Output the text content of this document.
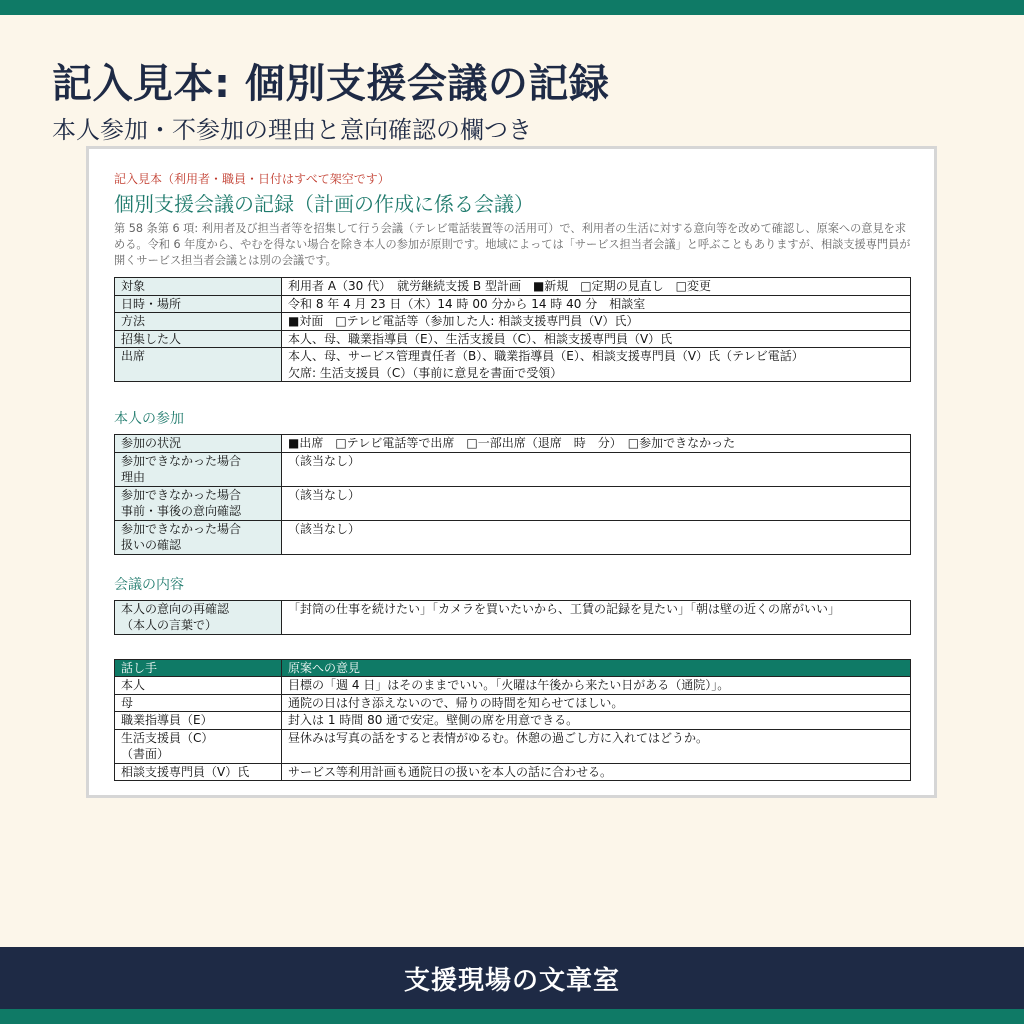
記入見本: 個別支援会議の記録

本人参加・不参加の理由と意向確認の欄つき

記入見本（利用者・職員・日付はすべて架空です）
個別支援会議の記録（計画の作成に係る会議）
第 58 条第 6 項: 利用者及び担当者等を招集して行う会議（テレビ電話装置等の活用可）で、利用者の生活に対する意向等を改めて確認し、原案への意見を求める。令和 6 年度から、やむを得ない場合を除き本人の参加が原則です。地域によっては「サービス担当者会議」と呼ぶこともありますが、相談支援専門員が開くサービス担当者会議とは別の会議です。
対象	利用者 A（30 代）　就労継続支援 B 型計画　■新規　□定期の見直し　□変更
日時・場所	令和 8 年 4 月 23 日（木）14 時 00 分から 14 時 40 分　相談室
方法	■対面　□テレビ電話等（参加した人: 相談支援専門員（V）氏）
招集した人	本人、母、職業指導員（E）、生活支援員（C）、相談支援専門員（V）氏
出席	本人、母、サービス管理責任者（B）、職業指導員（E）、相談支援専門員（V）氏（テレビ電話）
欠席: 生活支援員（C）（事前に意見を書面で受領）
本人の参加
参加の状況	■出席　□テレビ電話等で出席　□一部出席（退席　時　分）　□参加できなかった

参加できなかった場合
理由	（該当なし）

参加できなかった場合
事前・事後の意向確認	（該当なし）

参加できなかった場合
扱いの確認	（該当なし）
会議の内容
本人の意向の再確認
（本人の言葉で）
	「封筒の仕事を続けたい」「カメラを買いたいから、工賃の記録を見たい」「朝は壁の近くの席がいい」
話し手	原案への意見
本人	目標の「週 4 日」はそのままでいい。「火曜は午後から来たい日がある（通院）」。
母	通院の日は付き添えないので、帰りの時間を知らせてほしい。
職業指導員（E）	封入は 1 時間 80 通で安定。壁側の席を用意できる。

生活支援員（C）
（書面）	昼休みは写真の話をすると表情がゆるむ。休憩の過ごし方に入れてはどうか。
相談支援専門員（V）氏	サービス等利用計画も通院日の扱いを本人の話に合わせる。
支援現場の文章室
